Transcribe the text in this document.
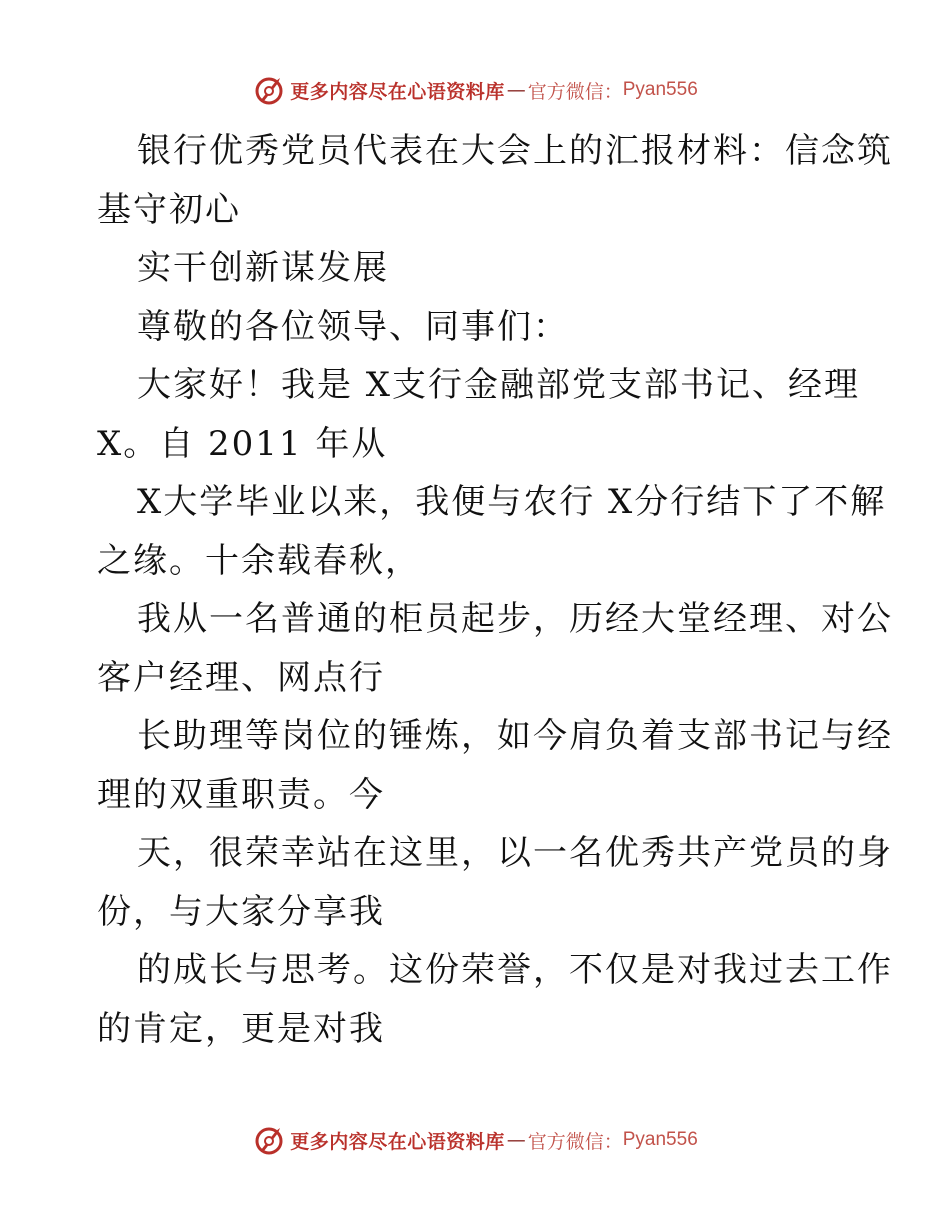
更多内容尽在心语资料库 — 官方微信： Pyan556
银行优秀党员代表在大会上的汇报材料：信念筑
基守初心
实干创新谋发展
尊敬的各位领导、同事们：
大家好！我是 X支行金融部党支部书记、经理
X。自 2011 年从
X大学毕业以来，我便与农行 X分行结下了不解
之缘。十余载春秋，
我从一名普通的柜员起步，历经大堂经理、对公
客户经理、网点行
长助理等岗位的锤炼，如今肩负着支部书记与经
理的双重职责。今
天，很荣幸站在这里，以一名优秀共产党员的身
份，与大家分享我
的成长与思考。这份荣誉，不仅是对我过去工作
的肯定，更是对我
更多内容尽在心语资料库 — 官方微信： Pyan556
